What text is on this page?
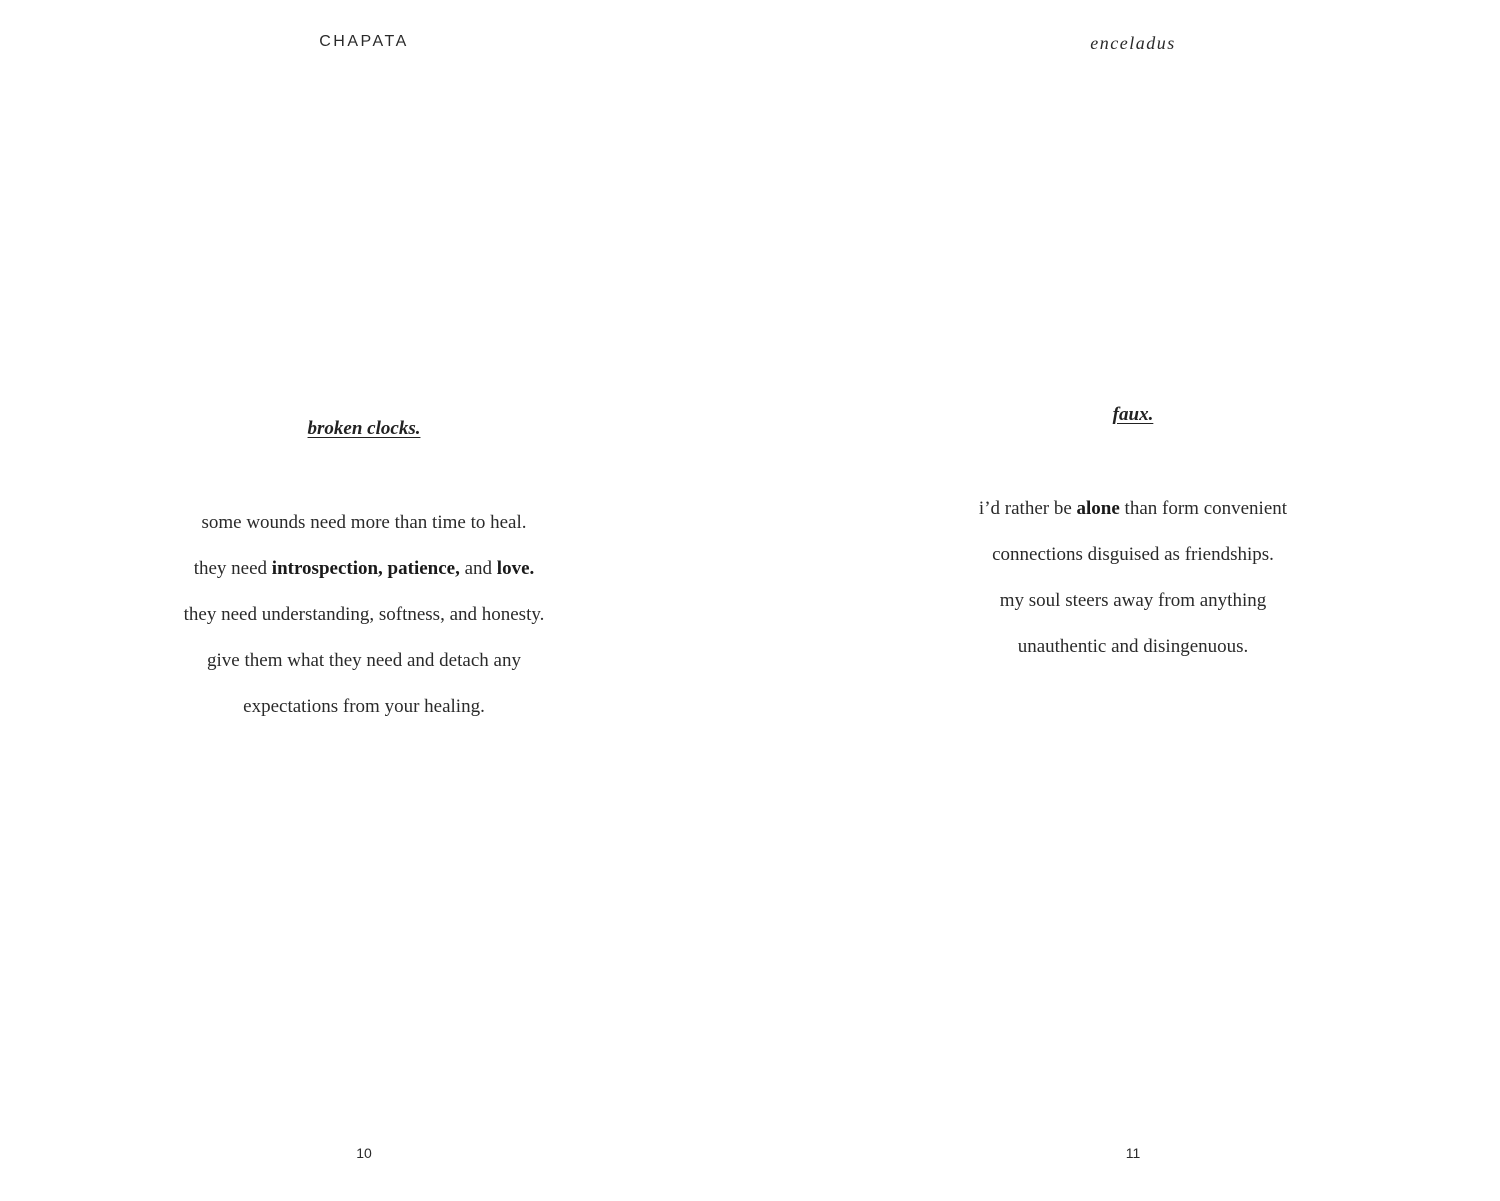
CHAPATA
broken clocks.
some wounds need more than time to heal.
they need introspection, patience, and love.
they need understanding, softness, and honesty.
give them what they need and detach any
expectations from your healing.
10
enceladus
faux.
i’d rather be alone than form convenient
connections disguised as friendships.
my soul steers away from anything
unauthentic and disingenuous.
11
